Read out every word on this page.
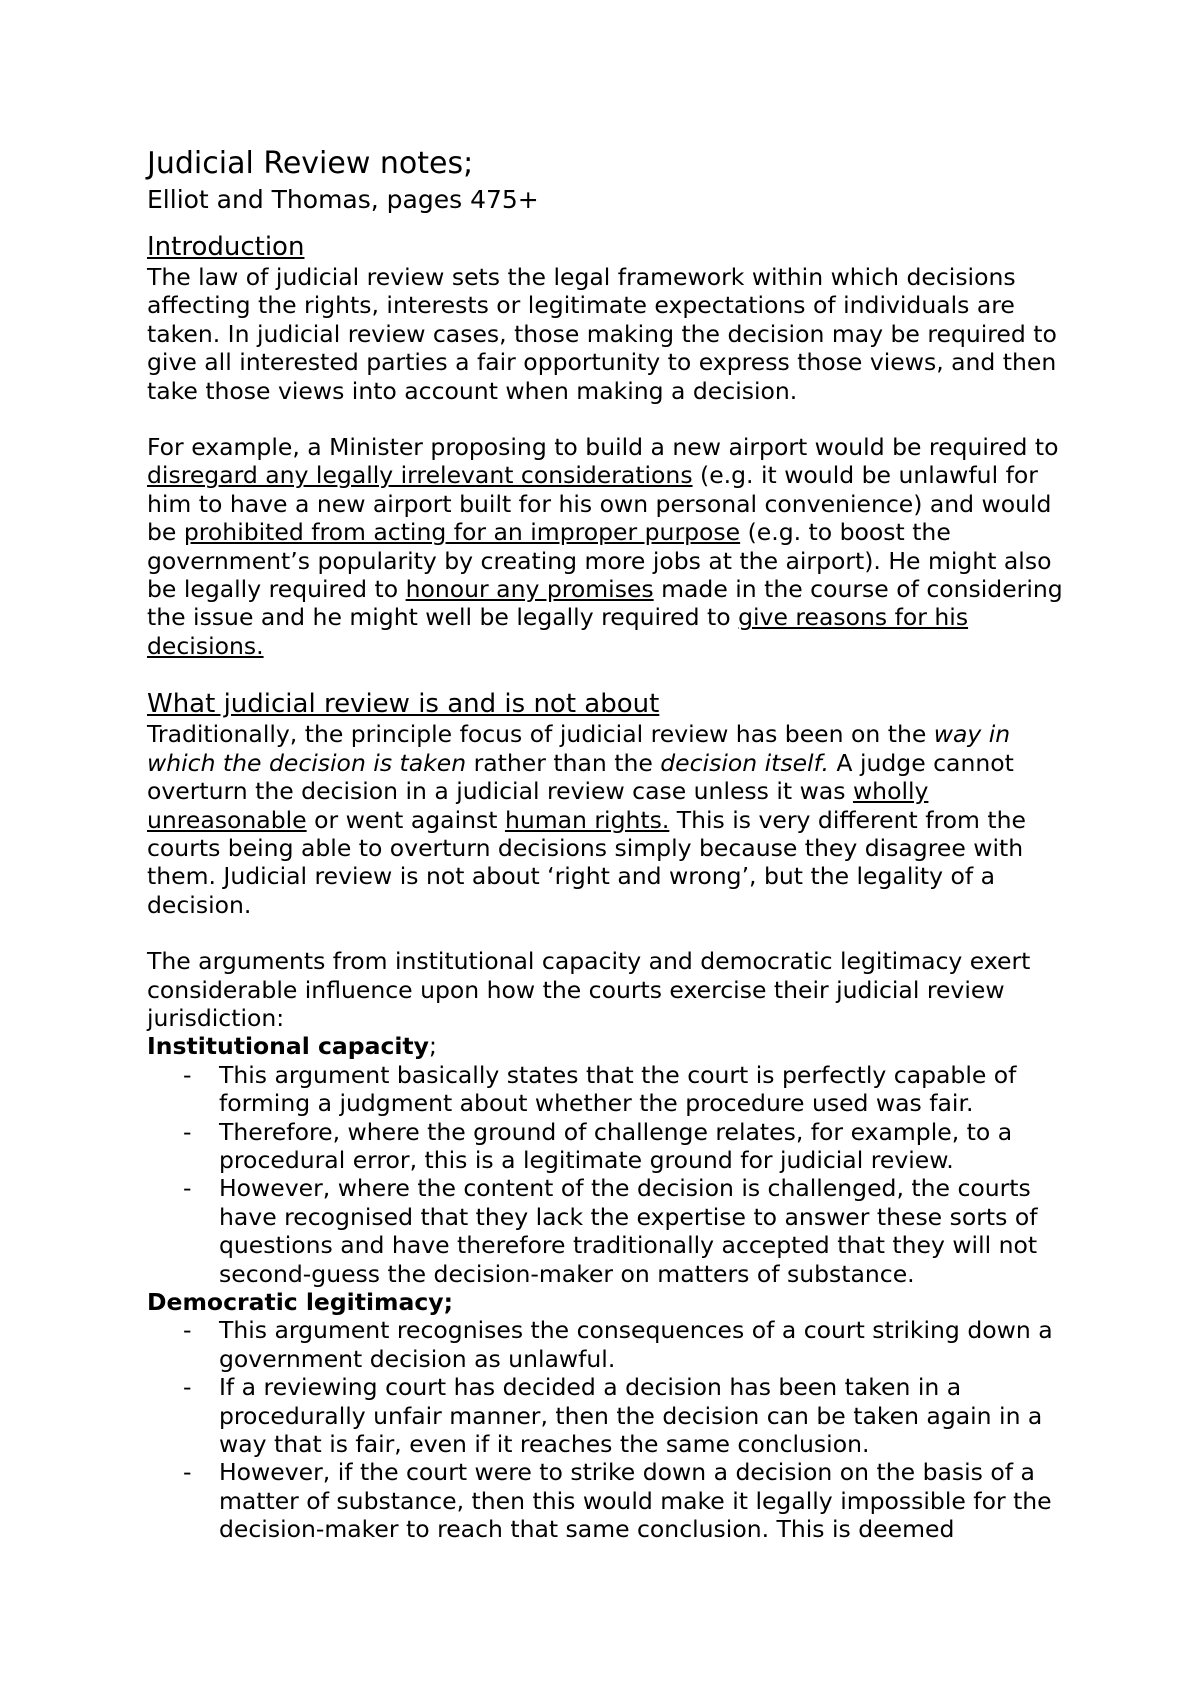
Judicial Review notes;
Elliot and Thomas, pages 475+
Introduction

The law of judicial review sets the legal framework within which decisions affecting the rights, interests or legitimate expectations of individuals are taken. In judicial review cases, those making the decision may be required to give all interested parties a fair opportunity to express those views, and then take those views into account when making a decision.

For example, a Minister proposing to build a new airport would be required to disregard any legally irrelevant considerations (e.g. it would be unlawful for him to have a new airport built for his own personal convenience) and would be prohibited from acting for an improper purpose (e.g. to boost the government’s popularity by creating more jobs at the airport). He might also be legally required to honour any promises made in the course of considering the issue and he might well be legally required to give reasons for his decisions.

What judicial review is and is not about

Traditionally, the principle focus of judicial review has been on the way in which the decision is taken rather than the decision itself. A judge cannot overturn the decision in a judicial review case unless it was wholly unreasonable or went against human rights. This is very different from the courts being able to overturn decisions simply because they disagree with them. Judicial review is not about ‘right and wrong’, but the legality of a decision.

The arguments from institutional capacity and democratic legitimacy exert considerable influence upon how the courts exercise their judicial review jurisdiction:

Institutional capacity;

- This argument basically states that the court is perfectly capable of forming a judgment about whether the procedure used was fair.
- Therefore, where the ground of challenge relates, for example, to a procedural error, this is a legitimate ground for judicial review.
- However, where the content of the decision is challenged, the courts have recognised that they lack the expertise to answer these sorts of questions and have therefore traditionally accepted that they will not second-guess the decision-maker on matters of substance.

Democratic legitimacy;

- This argument recognises the consequences of a court striking down a government decision as unlawful.
- If a reviewing court has decided a decision has been taken in a procedurally unfair manner, then the decision can be taken again in a way that is fair, even if it reaches the same conclusion.
- However, if the court were to strike down a decision on the basis of a matter of substance, then this would make it legally impossible for the decision-maker to reach that same conclusion. This is deemed
